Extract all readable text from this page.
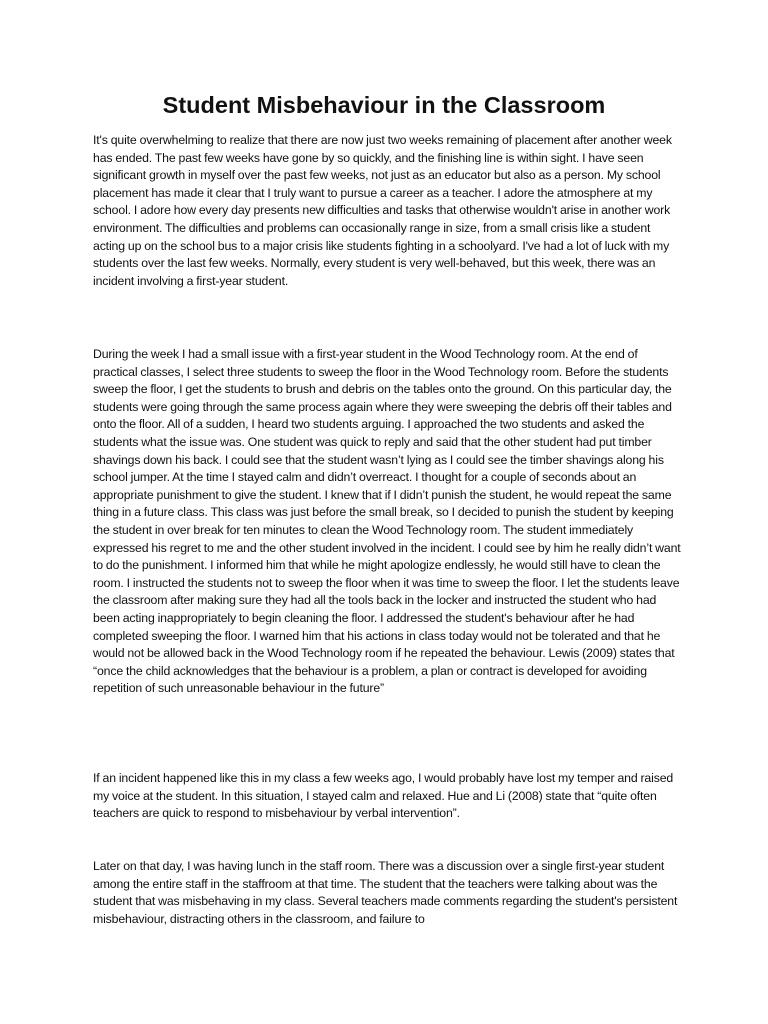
Student Misbehaviour in the Classroom

It's quite overwhelming to realize that there are now just two weeks remaining of placement after another week has ended. The past few weeks have gone by so quickly, and the finishing line is within sight. I have seen significant growth in myself over the past few weeks, not just as an educator but also as a person. My school placement has made it clear that I truly want to pursue a career as a teacher. I adore the atmosphere at my school. I adore how every day presents new difficulties and tasks that otherwise wouldn't arise in another work environment. The difficulties and problems can occasionally range in size, from a small crisis like a student acting up on the school bus to a major crisis like students fighting in a schoolyard. I've had a lot of luck with my students over the last few weeks. Normally, every student is very well-behaved, but this week, there was an incident involving a first-year student.

During the week I had a small issue with a first-year student in the Wood Technology room. At the end of practical classes, I select three students to sweep the floor in the Wood Technology room. Before the students sweep the floor, I get the students to brush and debris on the tables onto the ground. On this particular day, the students were going through the same process again where they were sweeping the debris off their tables and onto the floor. All of a sudden, I heard two students arguing. I approached the two students and asked the students what the issue was. One student was quick to reply and said that the other student had put timber shavings down his back. I could see that the student wasn’t lying as I could see the timber shavings along his school jumper. At the time I stayed calm and didn’t overreact. I thought for a couple of seconds about an appropriate punishment to give the student. I knew that if I didn’t punish the student, he would repeat the same thing in a future class. This class was just before the small break, so I decided to punish the student by keeping the student in over break for ten minutes to clean the Wood Technology room. The student immediately expressed his regret to me and the other student involved in the incident. I could see by him he really didn’t want to do the punishment. I informed him that while he might apologize endlessly, he would still have to clean the room. I instructed the students not to sweep the floor when it was time to sweep the floor. I let the students leave the classroom after making sure they had all the tools back in the locker and instructed the student who had been acting inappropriately to begin cleaning the floor. I addressed the student's behaviour after he had completed sweeping the floor. I warned him that his actions in class today would not be tolerated and that he would not be allowed back in the Wood Technology room if he repeated the behaviour. Lewis (2009) states that “once the child acknowledges that the behaviour is a problem, a plan or contract is developed for avoiding repetition of such unreasonable behaviour in the future”

If an incident happened like this in my class a few weeks ago, I would probably have lost my temper and raised my voice at the student. In this situation, I stayed calm and relaxed. Hue and Li (2008) state that “quite often teachers are quick to respond to misbehaviour by verbal intervention”.

Later on that day, I was having lunch in the staff room. There was a discussion over a single first-year student among the entire staff in the staffroom at that time. The student that the teachers were talking about was the student that was misbehaving in my class. Several teachers made comments regarding the student's persistent misbehaviour, distracting others in the classroom, and failure to
